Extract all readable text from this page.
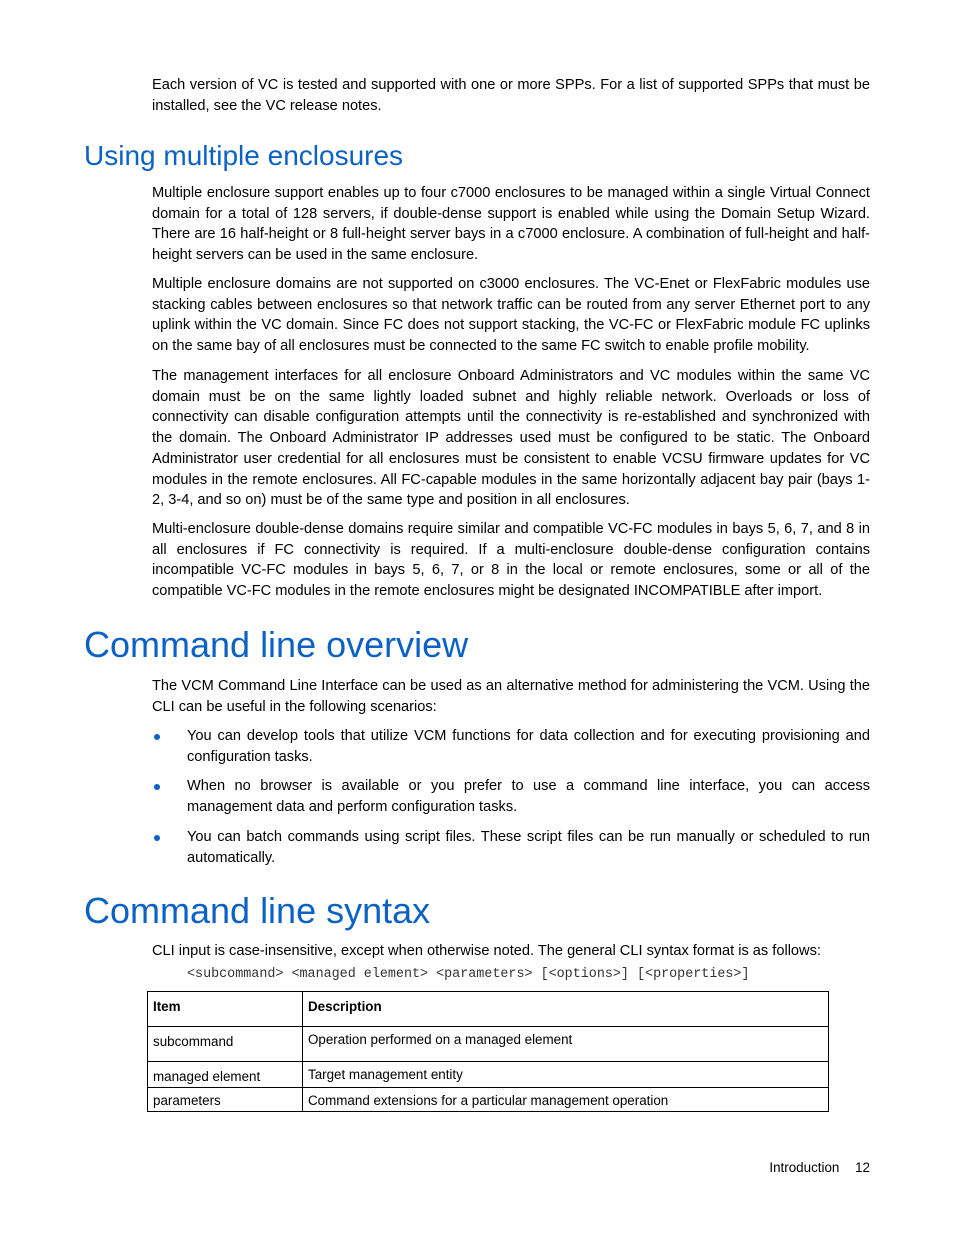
Each version of VC is tested and supported with one or more SPPs. For a list of supported SPPs that must be installed, see the VC release notes.

Using multiple enclosures

Multiple enclosure support enables up to four c7000 enclosures to be managed within a single Virtual Connect domain for a total of 128 servers, if double-dense support is enabled while using the Domain Setup Wizard. There are 16 half-height or 8 full-height server bays in a c7000 enclosure. A combination of full-height and half-height servers can be used in the same enclosure.

Multiple enclosure domains are not supported on c3000 enclosures. The VC-Enet or FlexFabric modules use stacking cables between enclosures so that network traffic can be routed from any server Ethernet port to any uplink within the VC domain. Since FC does not support stacking, the VC-FC or FlexFabric module FC uplinks on the same bay of all enclosures must be connected to the same FC switch to enable profile mobility.

The management interfaces for all enclosure Onboard Administrators and VC modules within the same VC domain must be on the same lightly loaded subnet and highly reliable network. Overloads or loss of connectivity can disable configuration attempts until the connectivity is re-established and synchronized with the domain. The Onboard Administrator IP addresses used must be configured to be static. The Onboard Administrator user credential for all enclosures must be consistent to enable VCSU firmware updates for VC modules in the remote enclosures. All FC-capable modules in the same horizontally adjacent bay pair (bays 1-2, 3-4, and so on) must be of the same type and position in all enclosures.

Multi-enclosure double-dense domains require similar and compatible VC-FC modules in bays 5, 6, 7, and 8 in all enclosures if FC connectivity is required. If a multi-enclosure double-dense configuration contains incompatible VC-FC modules in bays 5, 6, 7, or 8 in the local or remote enclosures, some or all of the compatible VC-FC modules in the remote enclosures might be designated INCOMPATIBLE after import.

Command line overview

The VCM Command Line Interface can be used as an alternative method for administering the VCM. Using the CLI can be useful in the following scenarios:

You can develop tools that utilize VCM functions for data collection and for executing provisioning and configuration tasks.
When no browser is available or you prefer to use a command line interface, you can access management data and perform configuration tasks.
You can batch commands using script files. These script files can be run manually or scheduled to run automatically.
Command line syntax

CLI input is case-insensitive, except when otherwise noted. The general CLI syntax format is as follows:

<subcommand> <managed element> <parameters> [<options>] [<properties>]
Item	Description
subcommand	Operation performed on a managed element
managed element	Target management entity
parameters	Command extensions for a particular management operation
Introduction 12
